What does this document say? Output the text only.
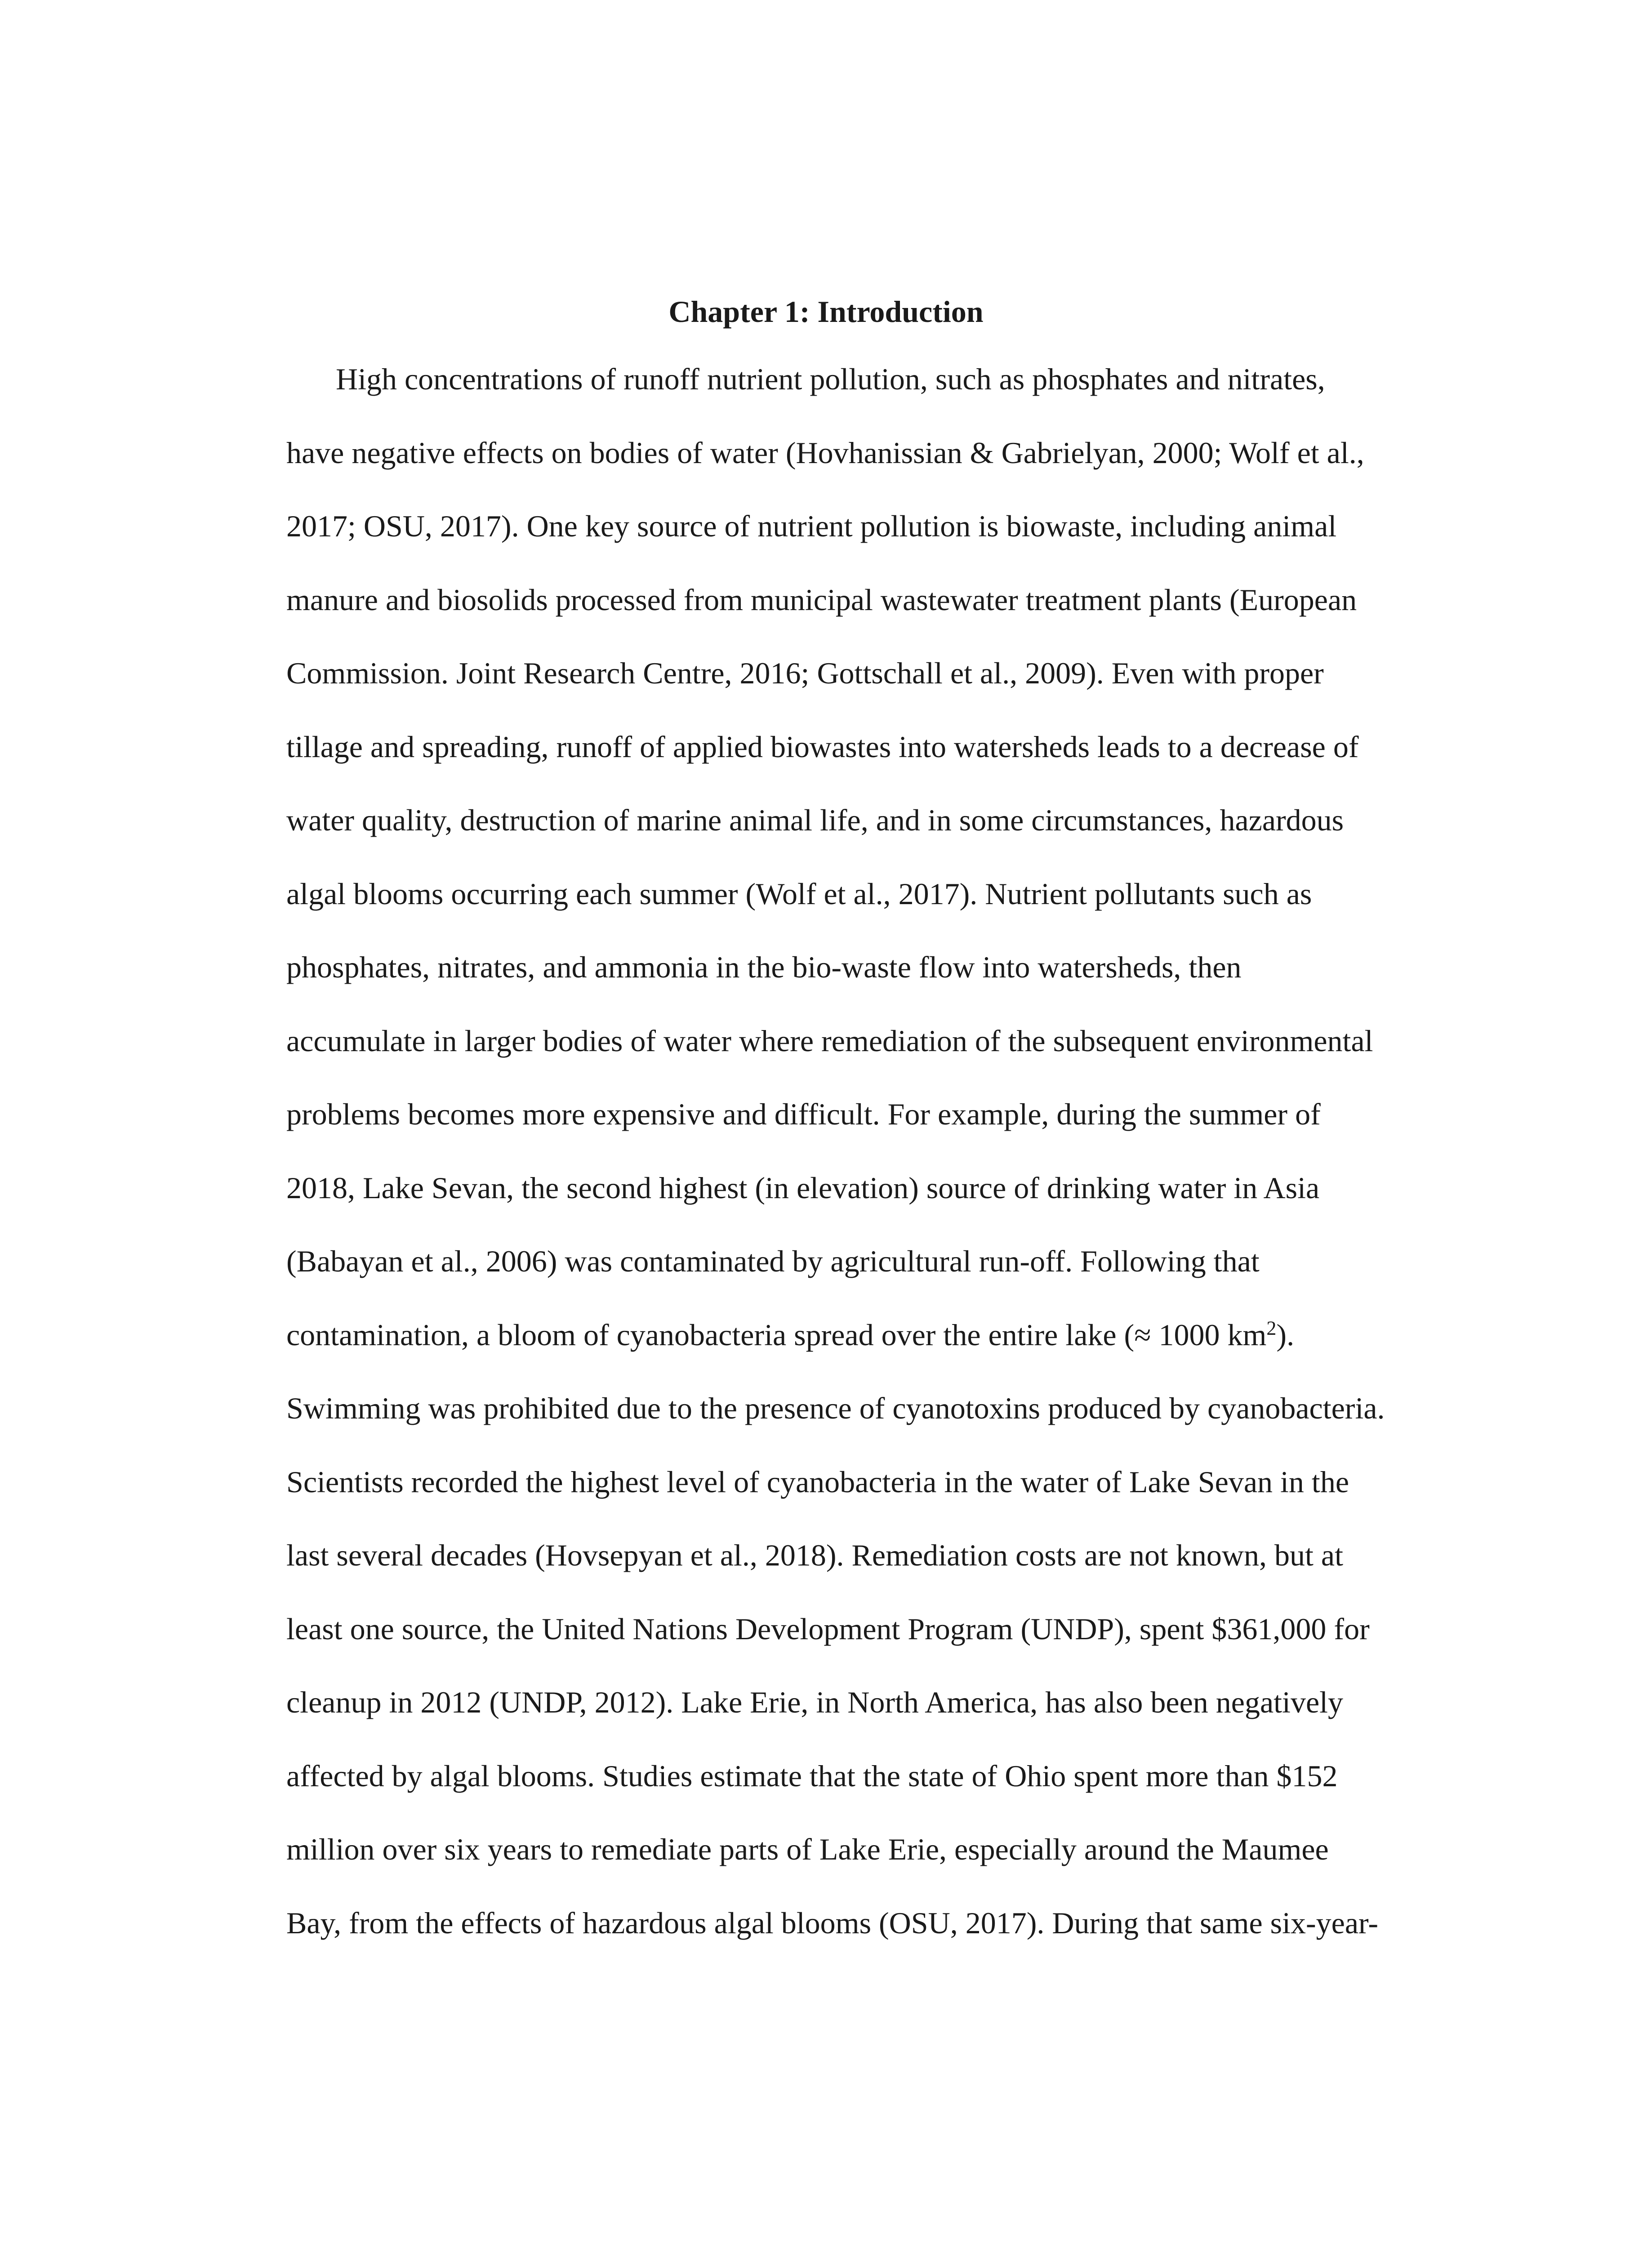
Chapter 1: Introduction
High concentrations of runoff nutrient pollution, such as phosphates and nitrates,
have negative effects on bodies of water (Hovhanissian & Gabrielyan, 2000; Wolf et al.,
2017; OSU, 2017). One key source of nutrient pollution is biowaste, including animal
manure and biosolids processed from municipal wastewater treatment plants (European
Commission. Joint Research Centre, 2016; Gottschall et al., 2009). Even with proper
tillage and spreading, runoff of applied biowastes into watersheds leads to a decrease of
water quality, destruction of marine animal life, and in some circumstances, hazardous
algal blooms occurring each summer (Wolf et al., 2017). Nutrient pollutants such as
phosphates, nitrates, and ammonia in the bio-waste flow into watersheds, then
accumulate in larger bodies of water where remediation of the subsequent environmental
problems becomes more expensive and difficult. For example, during the summer of
2018, Lake Sevan, the second highest (in elevation) source of drinking water in Asia
(Babayan et al., 2006) was contaminated by agricultural run-off. Following that
contamination, a bloom of cyanobacteria spread over the entire lake (≈ 1000 $km^2$).
Swimming was prohibited due to the presence of cyanotoxins produced by cyanobacteria.
Scientists recorded the highest level of cyanobacteria in the water of Lake Sevan in the
last several decades (Hovsepyan et al., 2018). Remediation costs are not known, but at
least one source, the United Nations Development Program (UNDP), spent $361,000 for
cleanup in 2012 (UNDP, 2012). Lake Erie, in North America, has also been negatively
affected by algal blooms. Studies estimate that the state of Ohio spent more than $152
million over six years to remediate parts of Lake Erie, especially around the Maumee
Bay, from the effects of hazardous algal blooms (OSU, 2017). During that same six-year-
